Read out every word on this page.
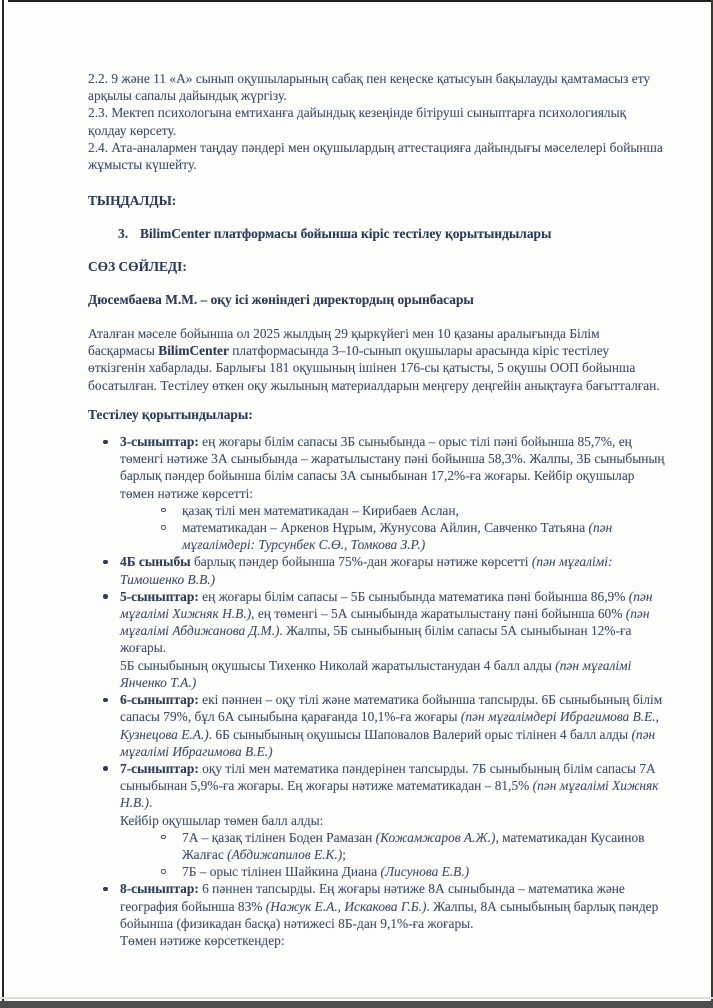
2.2. 9 және 11 «А» сынып оқушыларының сабақ пен кеңеске қатысуын бақылауды қамтамасыз ету арқылы сапалы дайындық жүргізу.
2.3. Мектеп психологына емтиханға дайындық кезеңінде бітіруші сыныптарға психологиялық қолдау көрсету.
2.4. Ата-аналармен таңдау пәндері мен оқушылардың аттестацияға дайындығы мәселелері бойынша жұмысты күшейту.
ТЫҢДАЛДЫ:
3. BilimCenter платформасы бойынша кіріс тестілеу қорытындылары
СӨЗ СӨЙЛЕДІ:
Дюсембаева М.М. – оқу ісі жөніндегі директордың орынбасары
Аталған мәселе бойынша ол 2025 жылдың 29 қыркүйегі мен 10 қазаны аралығында Білім басқармасы BilimCenter платформасында 3–10-сынып оқушылары арасында кіріс тестілеу өткізгенін хабарлады. Барлығы 181 оқушының ішінен 176-сы қатысты, 5 оқушы ООП бойынша босатылған. Тестілеу өткен оқу жылының материалдарын меңгеру деңгейін анықтауға бағытталған.
Тестілеу қорытындылары:
3-сыныптар: ең жоғары білім сапасы 3Б сыныбында – орыс тілі пәні бойынша 85,7%, ең төменгі нәтиже 3А сыныбында – жаратылыстану пәні бойынша 58,3%. Жалпы, 3Б сыныбының барлық пәндер бойынша білім сапасы 3А сыныбынан 17,2%-ға жоғары. Кейбір оқушылар төмен нәтиже көрсетті:
қазақ тілі мен математикадан – Кирибаев Аслан,
математикадан – Аркенов Нұрым, Жунусова Айлин, Савченко Татьяна (пән мұғалімдері: Турсунбек С.Ө., Томкова З.Р.)
4Б сыныбы барлық пәндер бойынша 75%-дан жоғары нәтиже көрсетті (пән мұғалімі: Тимошенко В.В.)
5-сыныптар: ең жоғары білім сапасы – 5Б сыныбында математика пәні бойынша 86,9% (пән мұғалімі Хижняк Н.В.), ең төменгі – 5А сыныбында жаратылыстану пәні бойынша 60% (пән мұғалімі Абдижанова Д.М.). Жалпы, 5Б сыныбының білім сапасы 5А сыныбынан 12%-ға жоғары.
5Б сыныбының оқушысы Тихенко Николай жаратылыстанудан 4 балл алды (пән мұғалімі Янченко Т.А.)
6-сыныптар: екі пәннен – оқу тілі және математика бойынша тапсырды. 6Б сыныбының білім сапасы 79%, бұл 6А сыныбына қарағанда 10,1%-ға жоғары (пән мұғалімдері Ибрагимова В.Е., Кузнецова Е.А.). 6Б сыныбының оқушысы Шаповалов Валерий орыс тілінен 4 балл алды (пән мұғалімі Ибрагимова В.Е.)
7-сыныптар: оқу тілі мен математика пәндерінен тапсырды. 7Б сыныбының білім сапасы 7А сыныбынан 5,9%-ға жоғары. Ең жоғары нәтиже математикадан – 81,5% (пән мұғалімі Хижняк Н.В.).
Кейбір оқушылар төмен балл алды:
7А – қазақ тілінен Боден Рамазан (Кожамжаров А.Ж.), математикадан Кусаинов Жалғас (Абдижапилов Е.К.);
7Б – орыс тілінен Шайкина Диана (Лисунова Е.В.)
8-сыныптар: 6 пәннен тапсырды. Ең жоғары нәтиже 8А сыныбында – математика және география бойынша 83% (Нажук Е.А., Искакова Г.Б.). Жалпы, 8А сыныбының барлық пәндер бойынша (физикадан басқа) нәтижесі 8Б-дан 9,1%-ға жоғары.
Төмен нәтиже көрсеткендер:
